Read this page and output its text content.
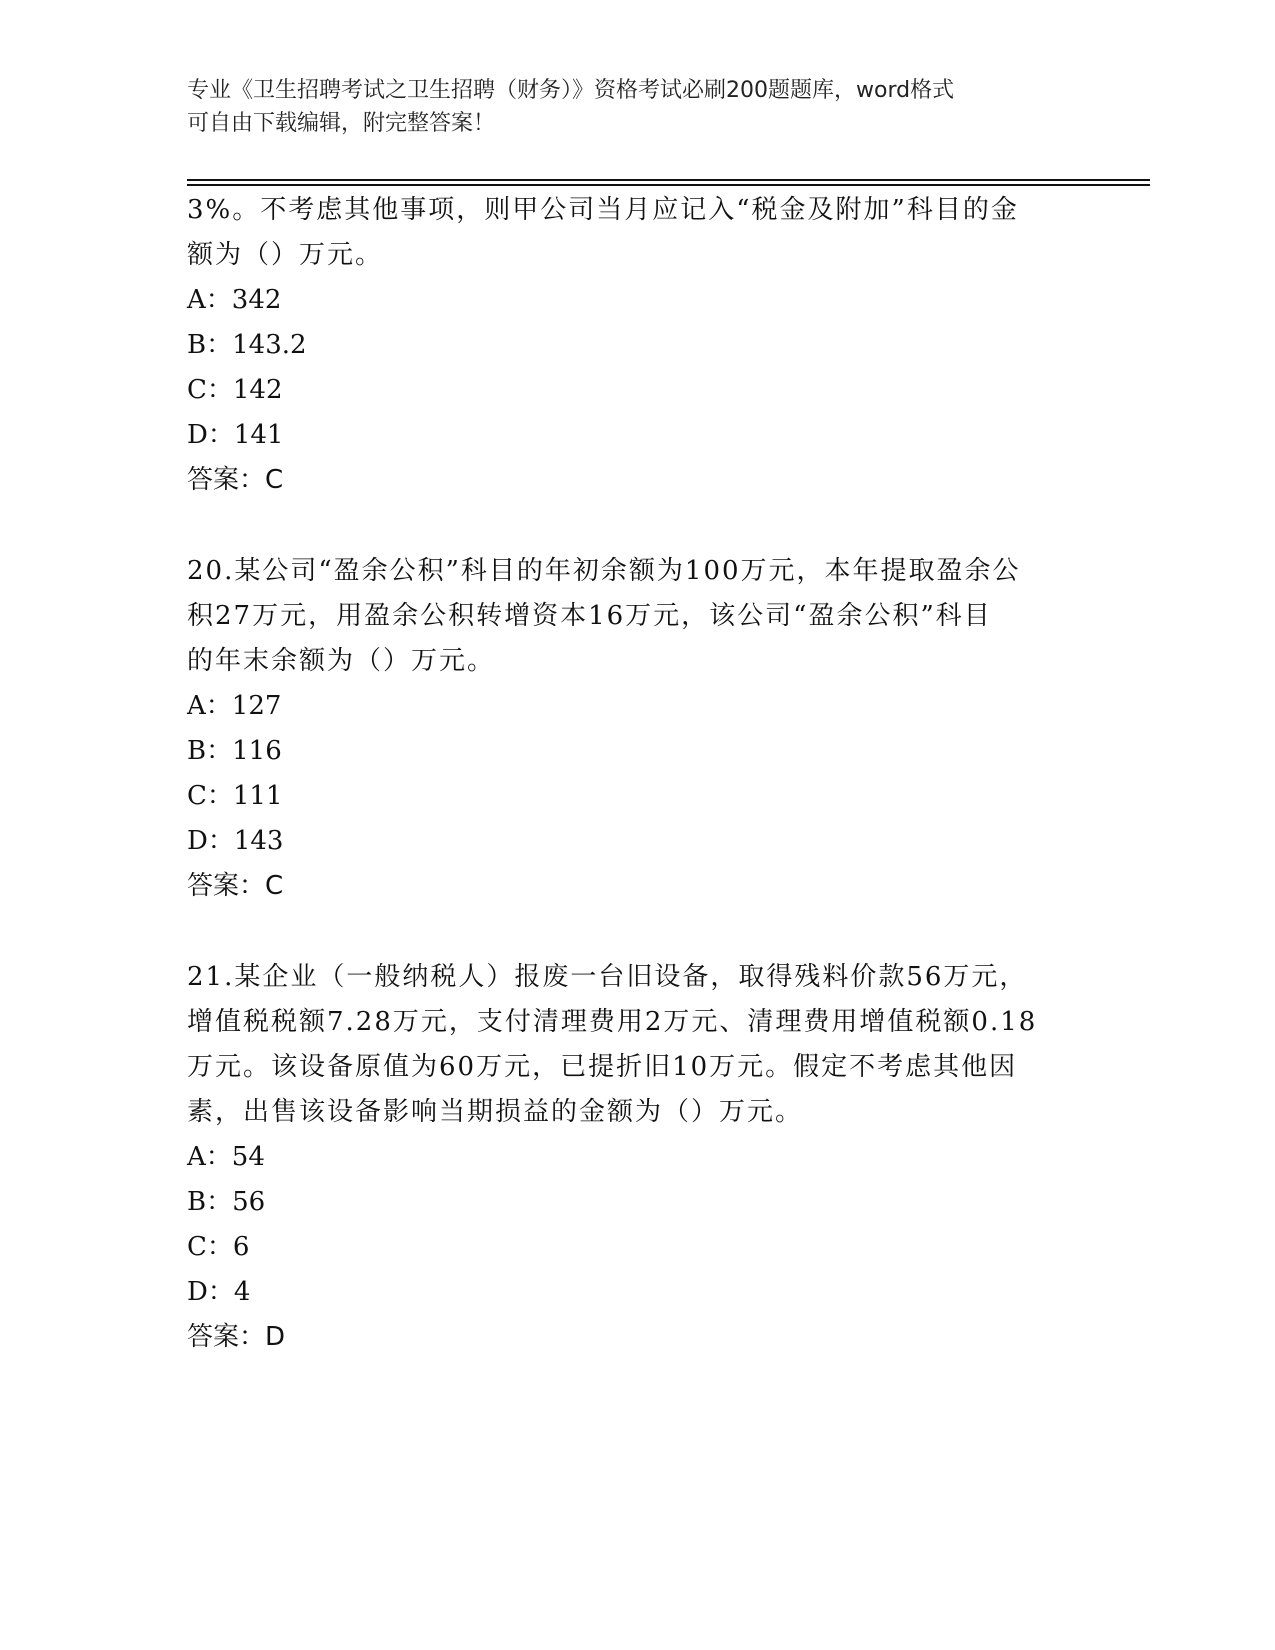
专业《卫生招聘考试之卫生招聘（财务）》资格考试必刷200题题库，word格式
可自由下载编辑，附完整答案！

3%。不考虑其他事项，则甲公司当月应记入“税金及附加”科目的金

额为（）万元。

A：342

B：143.2

C：142

D：141

答案：C

20.某公司“盈余公积”科目的年初余额为100万元，本年提取盈余公

积27万元，用盈余公积转增资本16万元，该公司“盈余公积”科目

的年末余额为（）万元。

A：127

B：116

C：111

D：143

答案：C

21.某企业（一般纳税人）报废一台旧设备，取得残料价款56万元，

增值税税额7.28万元，支付清理费用2万元、清理费用增值税额0.18

万元。该设备原值为60万元，已提折旧10万元。假定不考虑其他因

素，出售该设备影响当期损益的金额为（）万元。

A：54

B：56

C：6

D：4

答案：D
